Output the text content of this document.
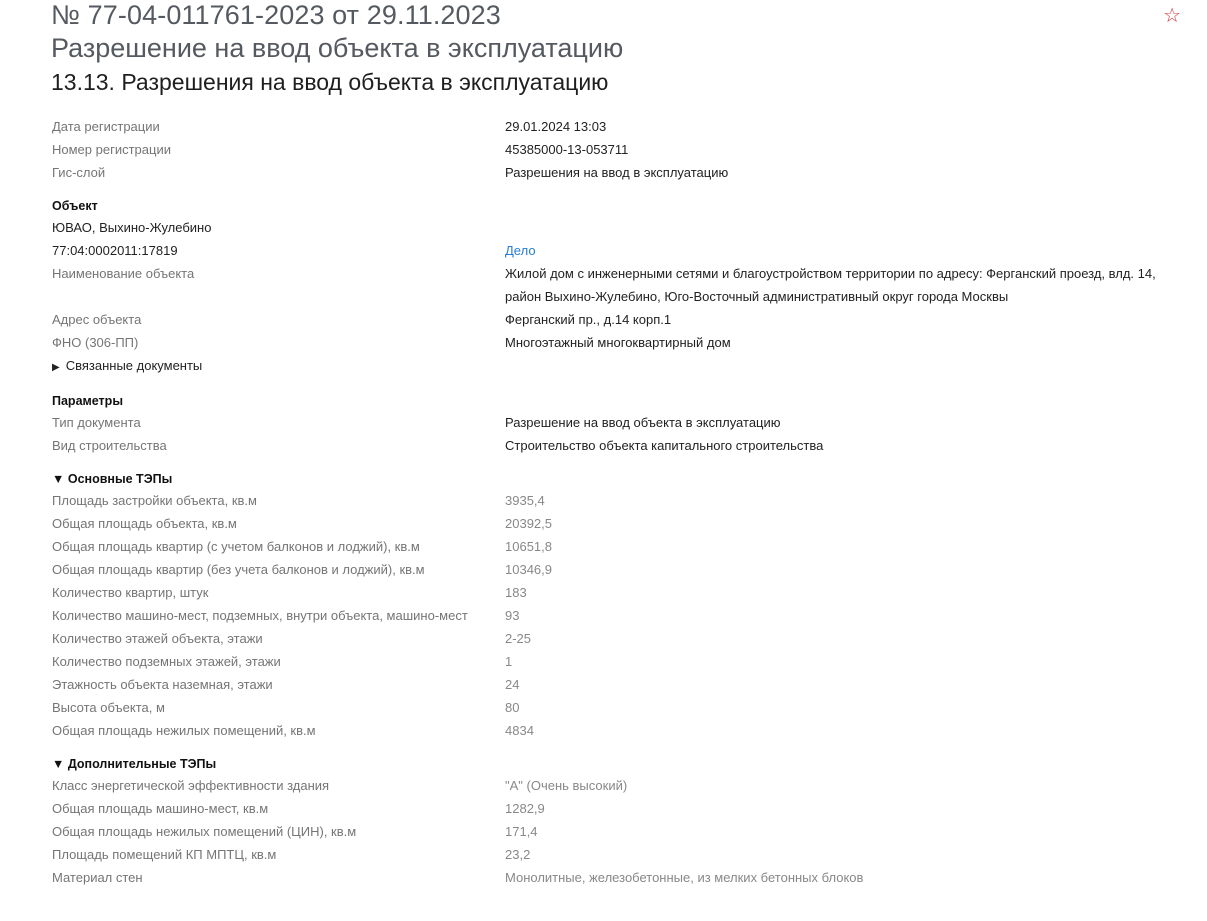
№ 77-04-011761-2023 от 29.11.2023
Разрешение на ввод объекта в эксплуатацию
13.13. Разрешения на ввод объекта в эксплуатацию
☆
Дата регистрации	29.01.2024 13:03
Номер регистрации	45385000-13-053711
Гис-слой	Разрешения на ввод в эксплуатацию
Объект
ЮВАО, Выхино-Жулебино
77:04:0002011:17819	Дело
Наименование объекта	Жилой дом с инженерными сетями и благоустройством территории по адресу: Ферганский проезд, влд. 14, район Выхино-Жулебино, Юго-Восточный административный округ города Москвы
Адрес объекта	Ферганский пр., д.14 корп.1
ФНО (306-ПП)	Многоэтажный многоквартирный дом
▶ Связанные документы
Параметры
Тип документа	Разрешение на ввод объекта в эксплуатацию
Вид строительства	Строительство объекта капитального строительства
▼ Основные ТЭПы
Площадь застройки объекта, кв.м	3935,4
Общая площадь объекта, кв.м	20392,5
Общая площадь квартир (с учетом балконов и лоджий), кв.м	10651,8
Общая площадь квартир (без учета балконов и лоджий), кв.м	10346,9
Количество квартир, штук	183
Количество машино-мест, подземных, внутри объекта, машино-мест	93
Количество этажей объекта, этажи	2-25
Количество подземных этажей, этажи	1
Этажность объекта наземная, этажи	24
Высота объекта, м	80
Общая площадь нежилых помещений, кв.м	4834
▼ Дополнительные ТЭПы
Класс энергетической эффективности здания	"А" (Очень высокий)
Общая площадь машино-мест, кв.м	1282,9
Общая площадь нежилых помещений (ЦИН), кв.м	171,4
Площадь помещений КП МПТЦ, кв.м	23,2
Материал стен	Монолитные, железобетонные, из мелких бетонных блоков
